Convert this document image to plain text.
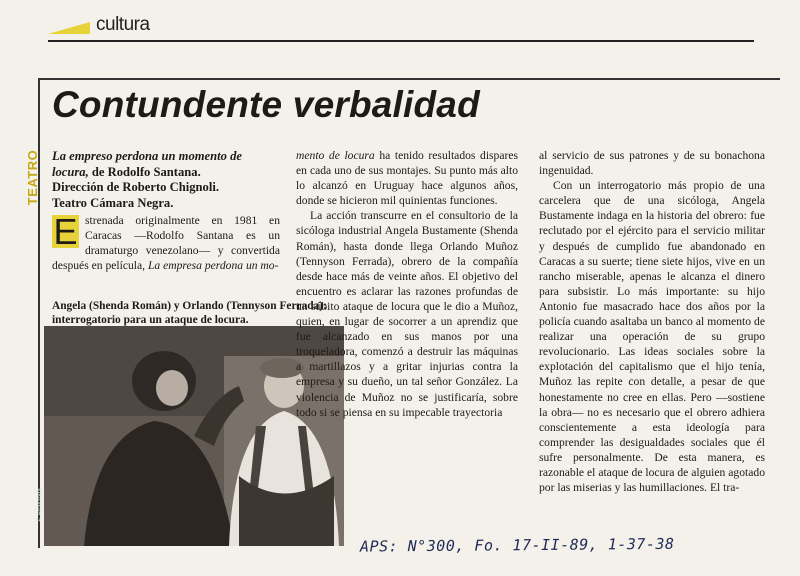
cultura
Contundente verbalidad
TEATRO La empreso perdona un momento de locura, de Rodolfo Santana.
Dirección de Roberto Chignoli.
Teatro Cámara Negra.

E strenada originalmente en 1981 en Caracas —Rodolfo Santana es un dramaturgo venezolano— y convertida después en película, La empresa perdona un mo-

Angela (Shenda Román) y Orlando (Tennyson Ferrada): interrogatorio para un ataque de locura.
F. Arraszoga

mento de locura ha tenido resultados dispares en cada uno de sus montajes. Su punto más alto lo alcanzó en Uruguay hace algunos años, donde se hicieron mil quinientas funciones.

La acción transcurre en el consultorio de la sicóloga industrial Angela Bustamente (Shenda Román), hasta donde llega Orlando Muñoz (Tennyson Ferrada), obrero de la compañía desde hace más de veinte años. El objetivo del encuentro es aclarar las razones profundas de un súbito ataque de locura que le dio a Muñoz, quien, en lugar de socorrer a un aprendiz que fue alcanzado en sus manos por una troqueladora, comenzó a destruir las máquinas a martillazos y a gritar injurias contra la empresa y su dueño, un tal señor González. La violencia de Muñoz no se justificaría, sobre todo si se piensa en su impecable trayectoria

al servicio de sus patrones y de su bonachona ingenuidad.

Con un interrogatorio más propio de una carcelera que de una sicóloga, Angela Bustamente indaga en la historia del obrero: fue reclutado por el ejército para el servicio militar y después de cumplido fue abandonado en Caracas a su suerte; tiene siete hijos, vive en un rancho miserable, apenas le alcanza el dinero para subsistir. Lo más importante: su hijo Antonio fue masacrado hace dos años por la policía cuando asaltaba un banco al momento de realizar una operación de su grupo revolucionario. Las ideas sociales sobre la explotación del capitalismo que el hijo tenía, Muñoz las repite con detalle, a pesar de que honestamente no cree en ellas. Pero —sostiene la obra— no es necesario que el obrero adhiera conscientemente a esta ideología para comprender las desigualdades sociales que él sufre personalmente. De esta manera, es razonable el ataque de locura de alguien agotado por las miserias y las humillaciones. El tra-

APS: N°300, Fo. 17-II-89, 1-37-38
